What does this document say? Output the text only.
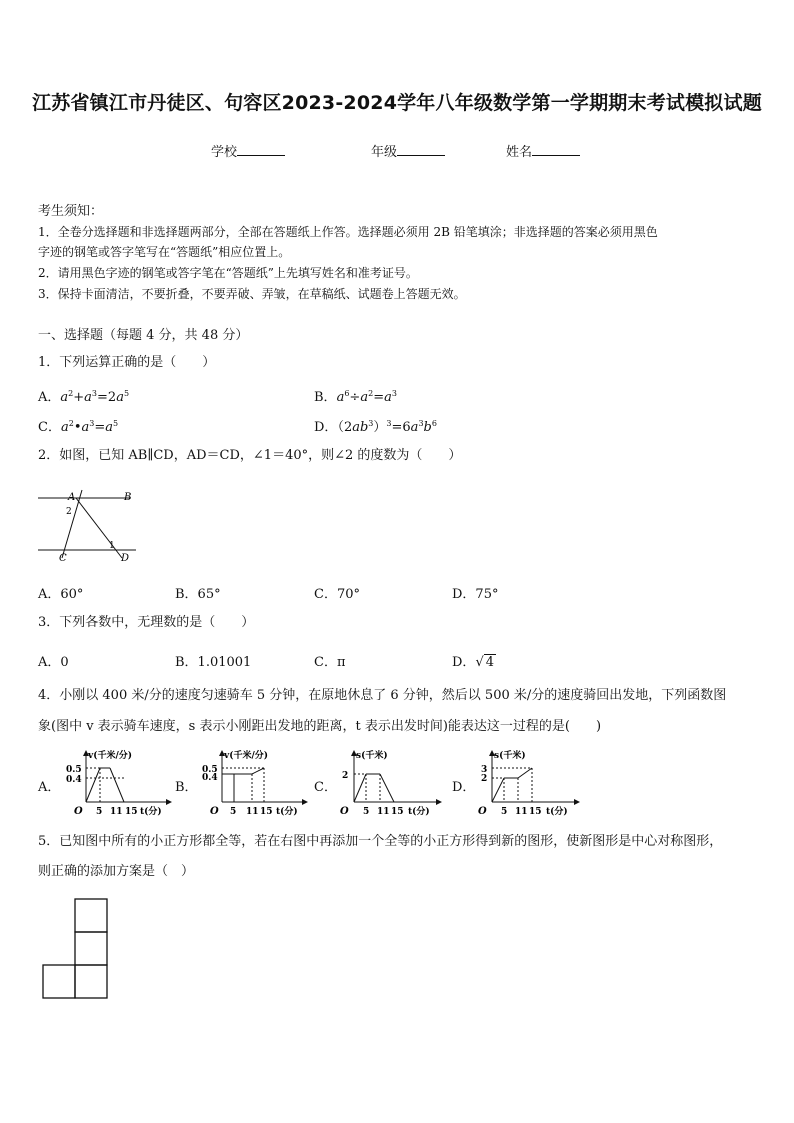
江苏省镇江市丹徒区、句容区2023-2024学年八年级数学第一学期期末考试模拟试题
学校	年级	姓名
考生须知：
1．全卷分选择题和非选择题两部分，全部在答题纸上作答。选择题必须用 2B 铅笔填涂；非选择题的答案必须用黑色
字迹的钢笔或答字笔写在“答题纸”相应位置上。
2．请用黑色字迹的钢笔或答字笔在“答题纸”上先填写姓名和准考证号。
3．保持卡面清洁，不要折叠，不要弄破、弄皱，在草稿纸、试题卷上答题无效。
一、选择题（每题 4 分，共 48 分）
1．下列运算正确的是（　　）
A．$a^2+a^3=2a^5$	B．$a^6\div a^2=a^3$
C．$a^2•a^3=a^5$	D．$(2ab^3)^3=6a^3b^6$
2．如图，已知 AB∥CD，AD＝CD，∠1＝40°，则∠2 的度数为（　　）
A	B
C	D
2
1
A．60°	B．65°	C．70°	D．75°
3．下列各数中，无理数的是（　　）
A．0	B．1.01001	C．π	D．√ 4
4．小刚以 400 米/分的速度匀速骑车 5 分钟，在原地休息了 6 分钟，然后以 500 米/分的速度骑回出发地，下列函数图
象(图中 v 表示骑车速度，s 表示小刚距出发地的距离，t 表示出发时间)能表达这一过程的是(　　)
A．	B．	C．	D．
v(千米/分)
0.5
0.4
O 5 11 15 t(分)
v(千米/分)
0.5
0.4
O 5 11 15 t(分)
s(千米)
2
O 5 11 15 t(分)
s(千米)
3
2
O 5 11 15 t(分)
5．已知图中所有的小正方形都全等，若在右图中再添加一个全等的小正方形得到新的图形，使新图形是中心对称图形，
则正确的添加方案是（　）
